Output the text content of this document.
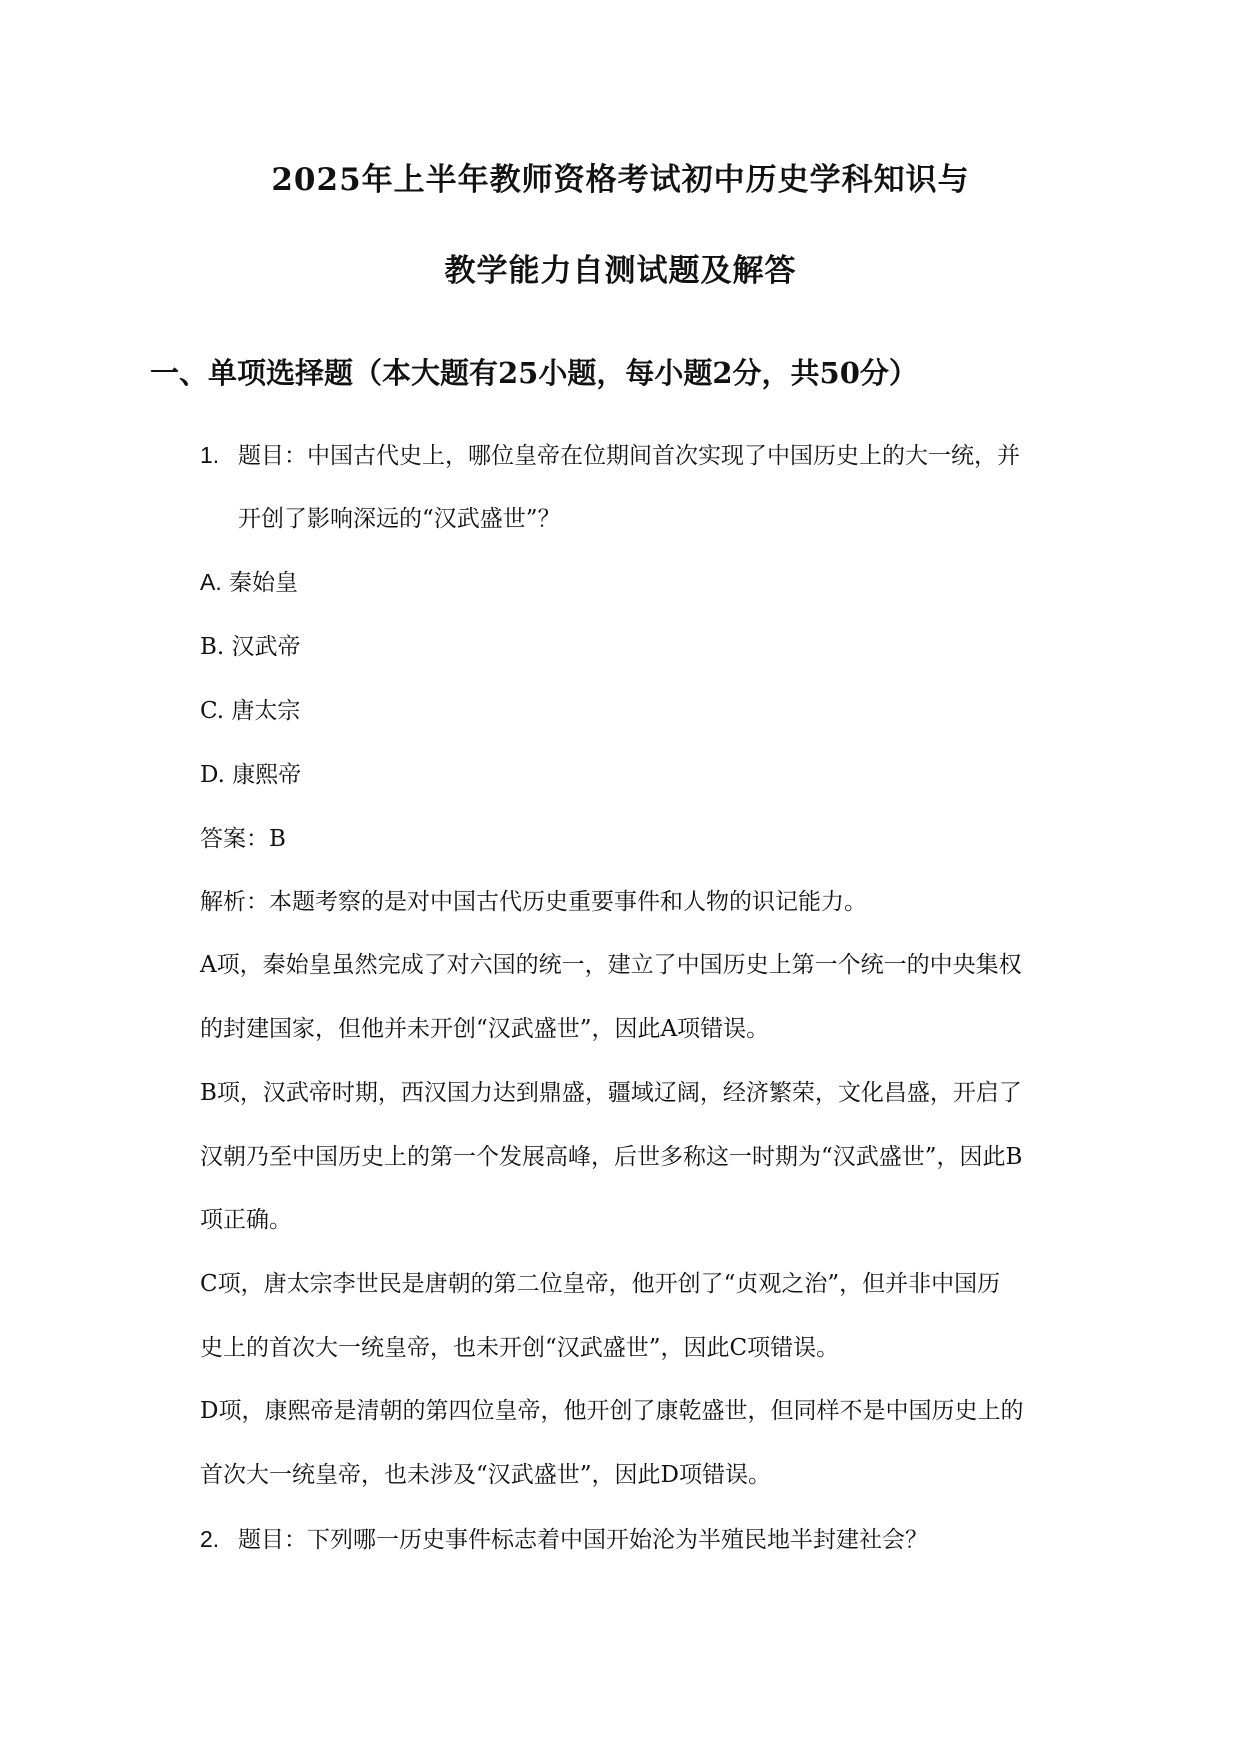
2025年上半年教师资格考试初中历史学科知识与
教学能力自测试题及解答
一、单项选择题（本大题有25小题，每小题2分，共50分）
1. 题目：中国古代史上，哪位皇帝在位期间首次实现了中国历史上的大一统，并
开创了影响深远的“汉武盛世”？
A. 秦始皇
B. 汉武帝
C. 唐太宗
D. 康熙帝
答案：B
解析：本题考察的是对中国古代历史重要事件和人物的识记能力。
A项，秦始皇虽然完成了对六国的统一，建立了中国历史上第一个统一的中央集权
的封建国家，但他并未开创“汉武盛世”，因此A项错误。
B项，汉武帝时期，西汉国力达到鼎盛，疆域辽阔，经济繁荣，文化昌盛，开启了
汉朝乃至中国历史上的第一个发展高峰，后世多称这一时期为“汉武盛世”，因此B
项正确。
C项，唐太宗李世民是唐朝的第二位皇帝，他开创了“贞观之治”，但并非中国历
史上的首次大一统皇帝，也未开创“汉武盛世”，因此C项错误。
D项，康熙帝是清朝的第四位皇帝，他开创了康乾盛世，但同样不是中国历史上的
首次大一统皇帝，也未涉及“汉武盛世”，因此D项错误。
2. 题目：下列哪一历史事件标志着中国开始沦为半殖民地半封建社会？
